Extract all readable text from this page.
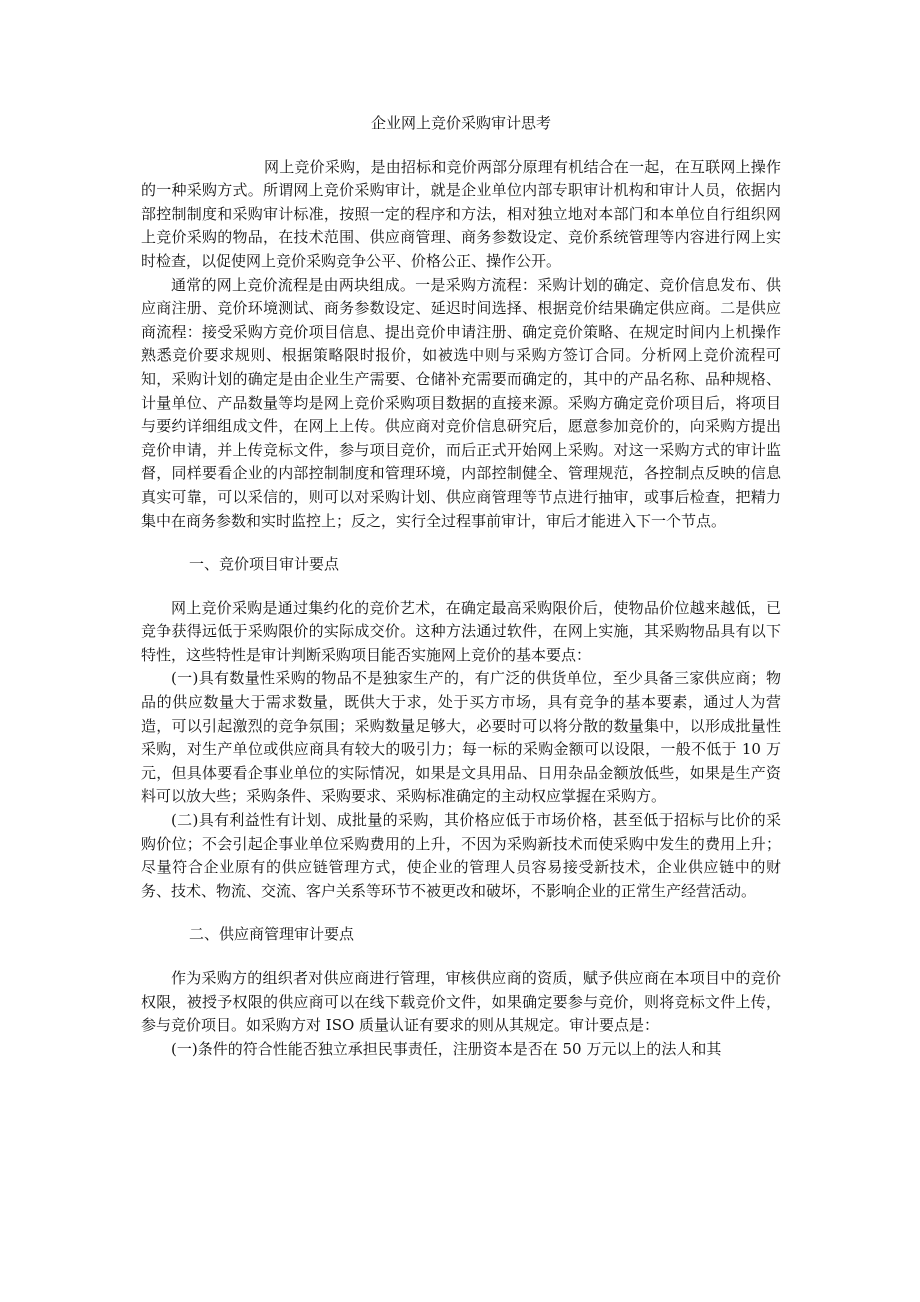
企业网上竞价采购审计思考

网上竞价采购，是由招标和竞价两部分原理有机结合在一起，在互联网上操作的一种采购方式。所谓网上竞价采购审计，就是企业单位内部专职审计机构和审计人员，依据内部控制制度和采购审计标准，按照一定的程序和方法，相对独立地对本部门和本单位自行组织网上竞价采购的物品，在技术范围、供应商管理、商务参数设定、竞价系统管理等内容进行网上实时检查，以促使网上竞价采购竞争公平、价格公正、操作公开。

通常的网上竞价流程是由两块组成。一是采购方流程：采购计划的确定、竞价信息发布、供应商注册、竞价环境测试、商务参数设定、延迟时间选择、根据竞价结果确定供应商。二是供应商流程：接受采购方竞价项目信息、提出竞价申请注册、确定竞价策略、在规定时间内上机操作熟悉竞价要求规则、根据策略限时报价，如被选中则与采购方签订合同。分析网上竞价流程可知，采购计划的确定是由企业生产需要、仓储补充需要而确定的，其中的产品名称、品种规格、计量单位、产品数量等均是网上竞价采购项目数据的直接来源。采购方确定竞价项目后，将项目与要约详细组成文件，在网上上传。供应商对竞价信息研究后，愿意参加竞价的，向采购方提出竞价申请，并上传竞标文件，参与项目竞价，而后正式开始网上采购。对这一采购方式的审计监督，同样要看企业的内部控制制度和管理环境，内部控制健全、管理规范，各控制点反映的信息真实可靠，可以采信的，则可以对采购计划、供应商管理等节点进行抽审，或事后检查，把精力集中在商务参数和实时监控上；反之，实行全过程事前审计，审后才能进入下一个节点。

一、竞价项目审计要点

网上竞价采购是通过集约化的竞价艺术，在确定最高采购限价后，使物品价位越来越低，已竞争获得远低于采购限价的实际成交价。这种方法通过软件，在网上实施，其采购物品具有以下特性，这些特性是审计判断采购项目能否实施网上竞价的基本要点：

(一)具有数量性采购的物品不是独家生产的，有广泛的供货单位，至少具备三家供应商；物品的供应数量大于需求数量，既供大于求，处于买方市场，具有竞争的基本要素，通过人为营造，可以引起激烈的竞争氛围；采购数量足够大，必要时可以将分散的数量集中，以形成批量性采购，对生产单位或供应商具有较大的吸引力；每一标的采购金额可以设限，一般不低于 10 万元，但具体要看企事业单位的实际情况，如果是文具用品、日用杂品金额放低些，如果是生产资料可以放大些；采购条件、采购要求、采购标准确定的主动权应掌握在采购方。

(二)具有利益性有计划、成批量的采购，其价格应低于市场价格，甚至低于招标与比价的采购价位；不会引起企事业单位采购费用的上升，不因为采购新技术而使采购中发生的费用上升；尽量符合企业原有的供应链管理方式，使企业的管理人员容易接受新技术，企业供应链中的财务、技术、物流、交流、客户关系等环节不被更改和破坏，不影响企业的正常生产经营活动。

二、供应商管理审计要点

作为采购方的组织者对供应商进行管理，审核供应商的资质，赋予供应商在本项目中的竞价权限，被授予权限的供应商可以在线下载竞价文件，如果确定要参与竞价，则将竞标文件上传，参与竞价项目。如采购方对 ISO 质量认证有要求的则从其规定。审计要点是：

(一)条件的符合性能否独立承担民事责任，注册资本是否在 50 万元以上的法人和其
